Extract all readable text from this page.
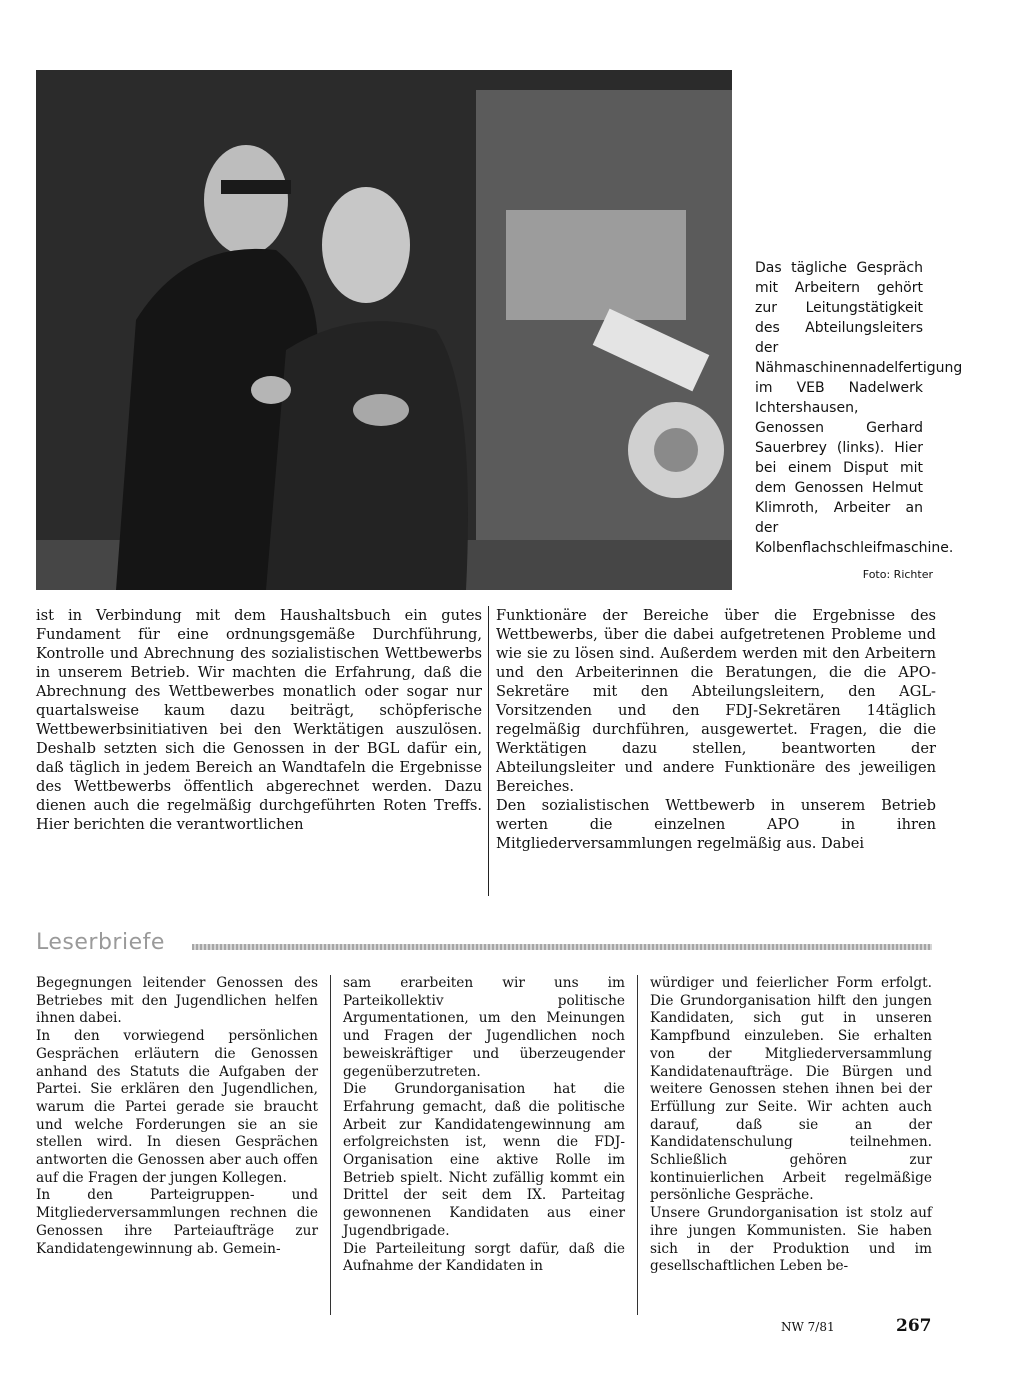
Das tägliche Gespräch mit Arbeitern gehört zur Leitungstätigkeit des Abteilungsleiters der Nähmaschinennadelfertigung im VEB Nadelwerk Ichtershausen, Genossen Gerhard Sauerbrey (links). Hier bei einem Disput mit dem Genossen Helmut Klimroth, Arbeiter an der Kolbenflachschleifmaschine.
Foto: Richter

ist in Verbindung mit dem Haushaltsbuch ein gutes Fundament für eine ordnungsgemäße Durchführung, Kontrolle und Abrechnung des sozialistischen Wettbewerbs in unserem Betrieb. Wir machten die Erfahrung, daß die Abrechnung des Wettbewerbes monatlich oder sogar nur quartalsweise kaum dazu beiträgt, schöpferische Wettbewerbsinitiativen bei den Werktätigen auszulösen. Deshalb setzten sich die Genossen in der BGL dafür ein, daß täglich in jedem Bereich an Wandtafeln die Ergebnisse des Wettbewerbs öffentlich abgerechnet werden. Dazu dienen auch die regelmäßig durchgeführten Roten Treffs. Hier berichten die verantwortlichen

Funktionäre der Bereiche über die Ergebnisse des Wettbewerbs, über die dabei aufgetretenen Probleme und wie sie zu lösen sind. Außerdem werden mit den Arbeitern und den Arbeiterinnen die Beratungen, die die APO-Sekretäre mit den Abteilungsleitern, den AGL-Vorsitzenden und den FDJ-Sekretären 14täglich regelmäßig durchführen, ausgewertet. Fragen, die die Werktätigen dazu stellen, beantworten der Abteilungsleiter und andere Funktionäre des jeweiligen Bereiches.

Den sozialistischen Wettbewerb in unserem Betrieb werten die einzelnen APO in ihren Mitgliederversammlungen regelmäßig aus. Dabei

Leserbriefe

Begegnungen leitender Genossen des Betriebes mit den Jugendlichen helfen ihnen dabei.

In den vorwiegend persönlichen Gesprächen erläutern die Genossen anhand des Statuts die Aufgaben der Partei. Sie erklären den Jugendlichen, warum die Partei gerade sie braucht und welche Forderungen sie an sie stellen wird. In diesen Gesprächen antworten die Genossen aber auch offen auf die Fragen der jungen Kollegen.

In den Parteigruppen- und Mitgliederversammlungen rechnen die Genossen ihre Parteiaufträge zur Kandidatengewinnung ab. Gemein-

sam erarbeiten wir uns im Parteikollektiv politische Argumentationen, um den Meinungen und Fragen der Jugendlichen noch beweiskräftiger und überzeugender gegenüberzutreten.

Die Grundorganisation hat die Erfahrung gemacht, daß die politische Arbeit zur Kandidatengewinnung am erfolgreichsten ist, wenn die FDJ-Organisation eine aktive Rolle im Betrieb spielt. Nicht zufällig kommt ein Drittel der seit dem IX. Parteitag gewonnenen Kandidaten aus einer Jugendbrigade.

Die Parteileitung sorgt dafür, daß die Aufnahme der Kandidaten in

würdiger und feierlicher Form erfolgt. Die Grundorganisation hilft den jungen Kandidaten, sich gut in unseren Kampfbund einzuleben. Sie erhalten von der Mitgliederversammlung Kandidatenaufträge. Die Bürgen und weitere Genossen stehen ihnen bei der Erfüllung zur Seite. Wir achten auch darauf, daß sie an der Kandidatenschulung teilnehmen. Schließlich gehören zur kontinuierlichen Arbeit regelmäßige persönliche Gespräche.

Unsere Grundorganisation ist stolz auf ihre jungen Kommunisten. Sie haben sich in der Produktion und im gesellschaftlichen Leben be-

NW 7/81	267
